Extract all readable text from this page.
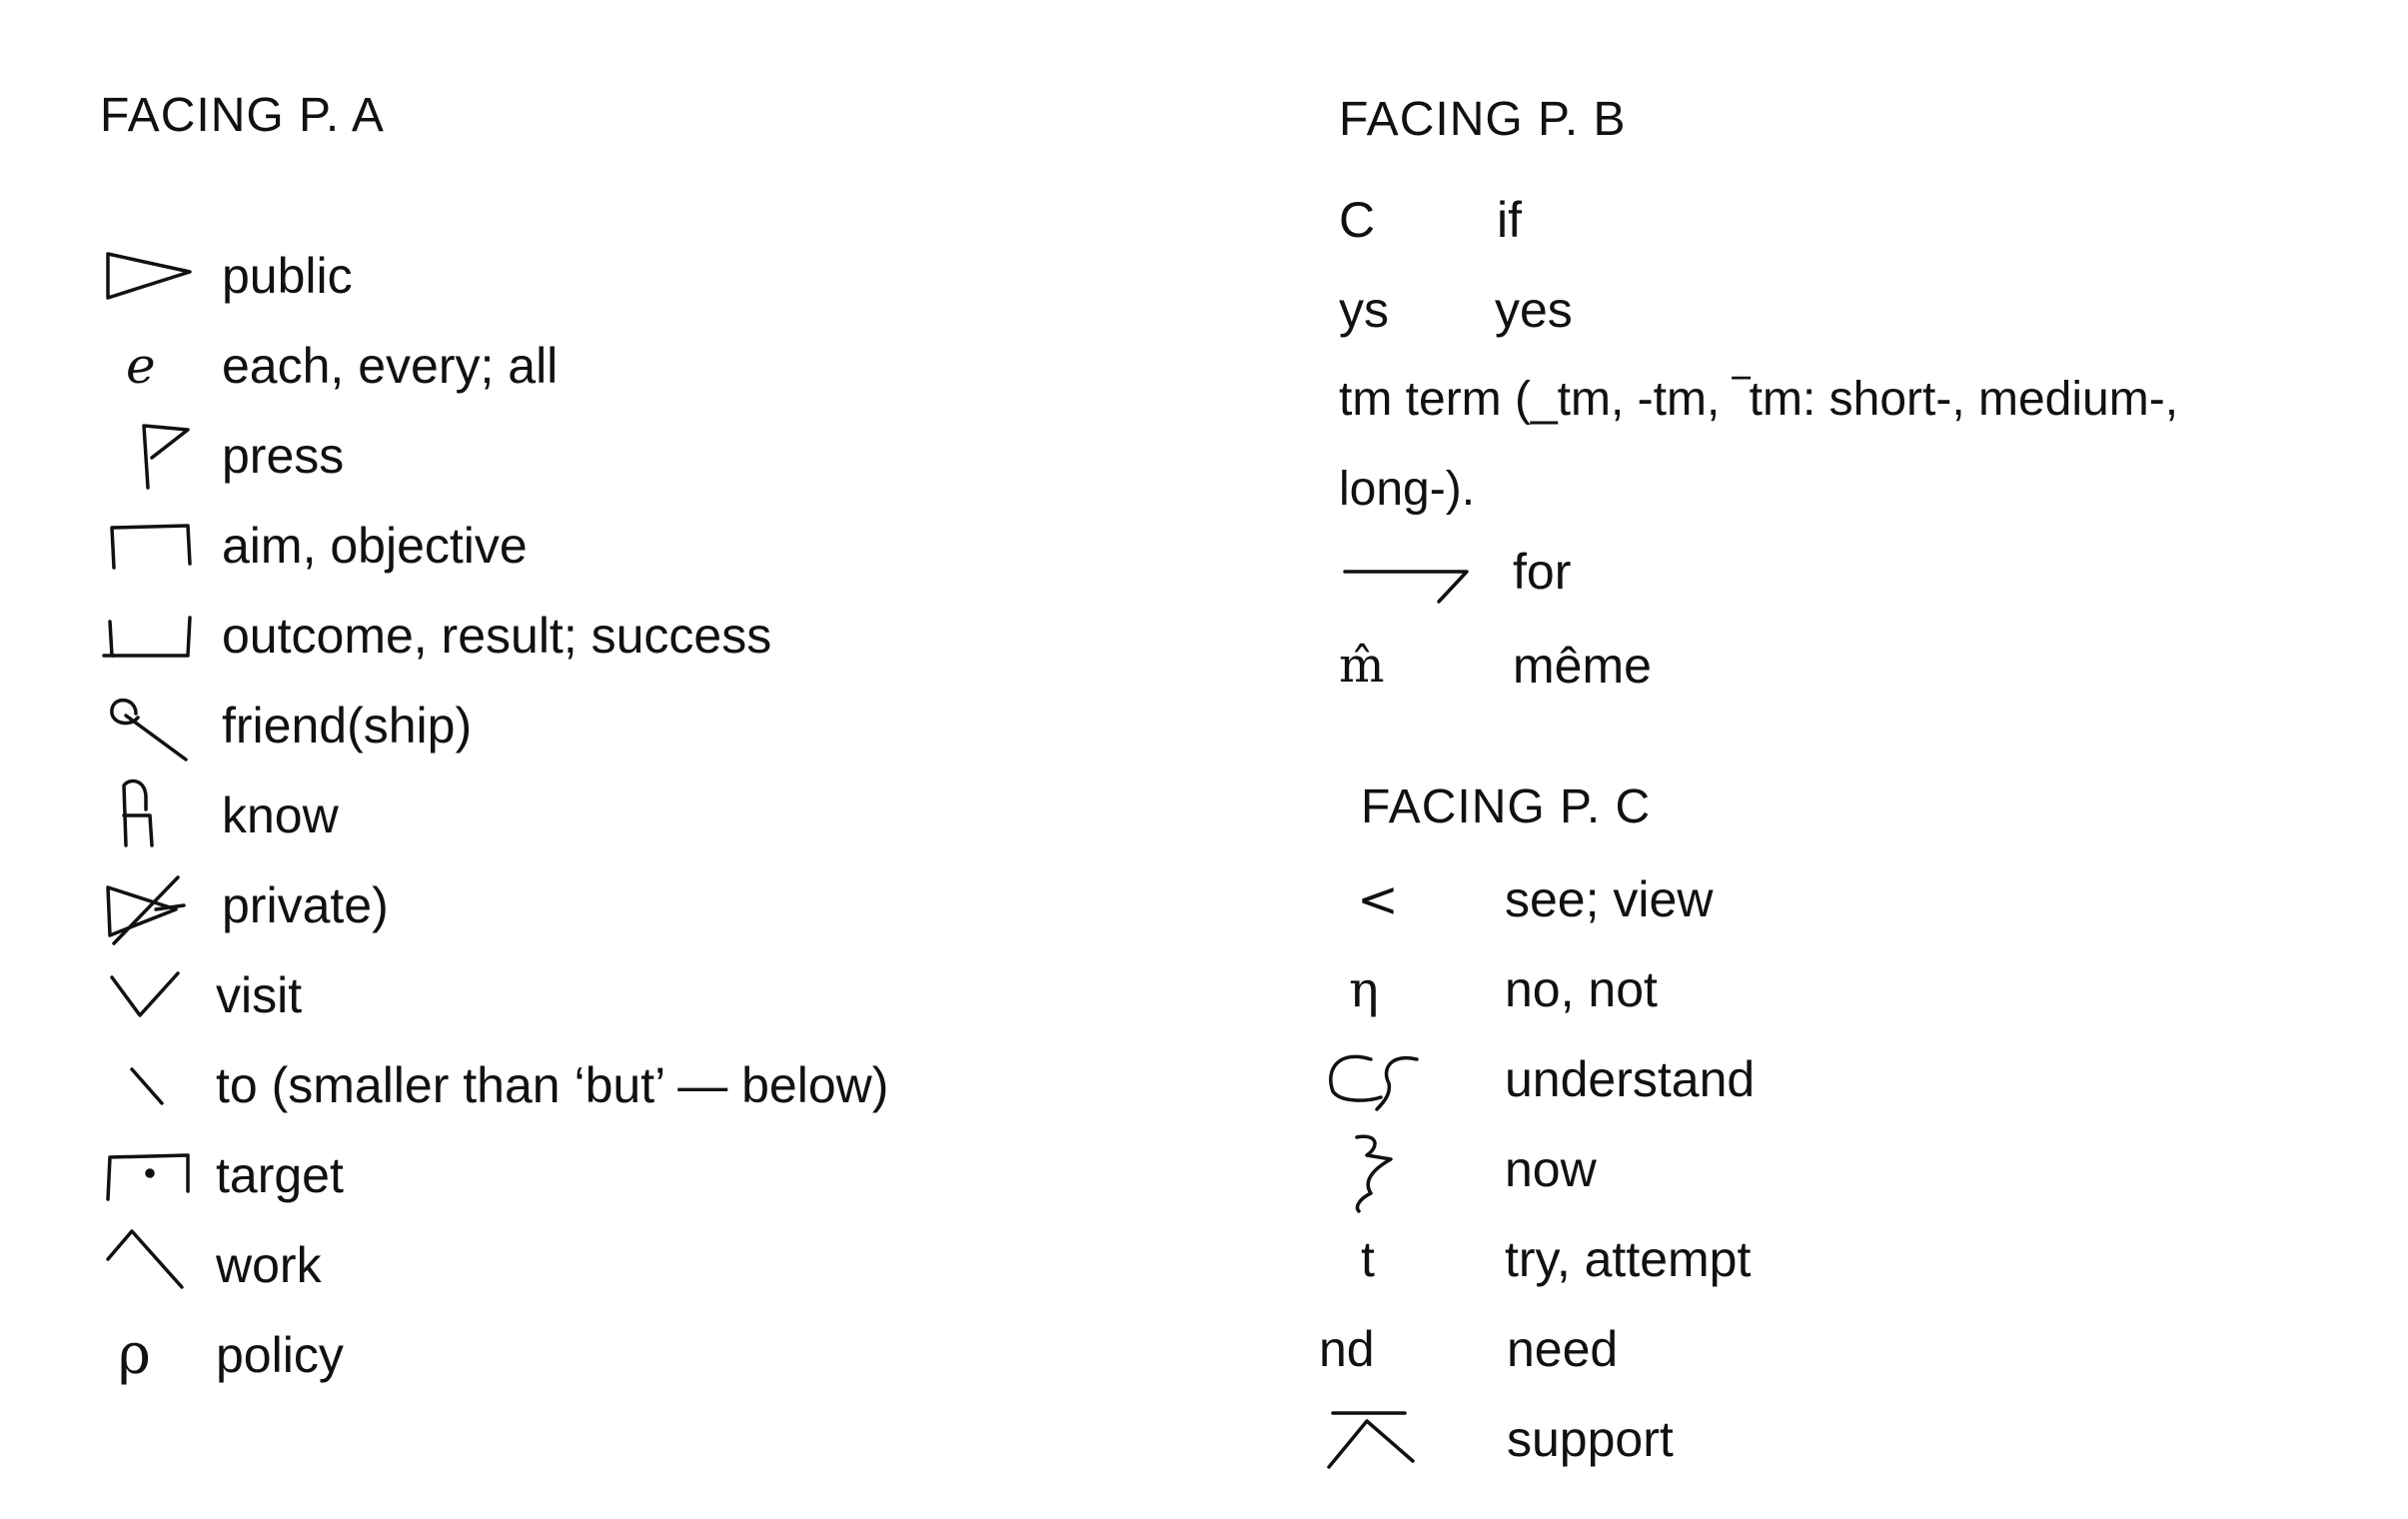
FACING P. A
public
e each, every; all
press
aim, objective
outcome, result; success
friend(ship)
know
private)
visit
to (smaller than ‘but’ — below)
target
work
ρ policy
FACING P. B
C if
ys yes
tm term (_tm, -tm, ‾tm: short-, medium-,
long-).
for
m̂	même
FACING P. C
< see; view
η	no, not
understand
now
t	try, attempt
nd	need
support
